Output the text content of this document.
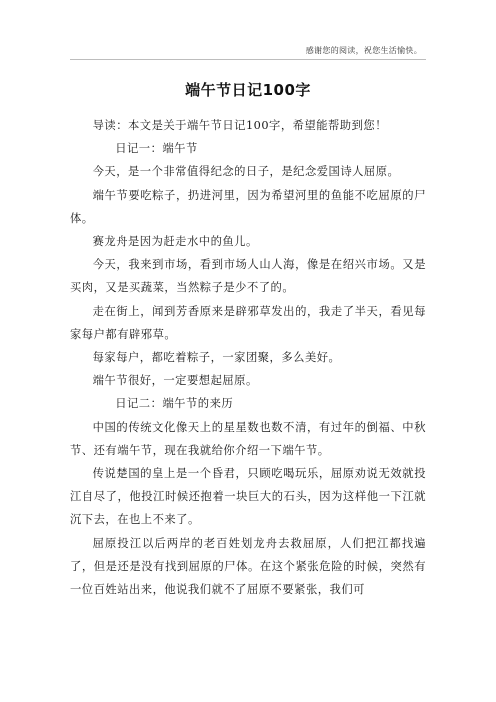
感谢您的阅读，祝您生活愉快。
端午节日记100字

导读：本文是关于端午节日记100字，希望能帮助到您！

日记一：端午节

今天，是一个非常值得纪念的日子，是纪念爱国诗人屈原。

端午节要吃粽子，扔进河里，因为希望河里的鱼能不吃屈原的尸体。

赛龙舟是因为赶走水中的鱼儿。

今天，我来到市场，看到市场人山人海，像是在绍兴市场。又是买肉，又是买蔬菜，当然粽子是少不了的。

走在街上，闻到芳香原来是辟邪草发出的，我走了半天，看见每家每户都有辟邪草。

每家每户，都吃着粽子，一家团聚，多么美好。

端午节很好，一定要想起屈原。

日记二：端午节的来历

中国的传统文化像天上的星星数也数不清，有过年的倒福、中秋节、还有端午节，现在我就给你介绍一下端午节。

传说楚国的皇上是一个昏君，只顾吃喝玩乐，屈原劝说无效就投江自尽了，他投江时候还抱着一块巨大的石头，因为这样他一下江就沉下去，在也上不来了。

屈原投江以后两岸的老百姓划龙舟去救屈原，人们把江都找遍了，但是还是没有找到屈原的尸体。在这个紧张危险的时候，突然有一位百姓站出来，他说我们就不了屈原不要紧张，我们可
